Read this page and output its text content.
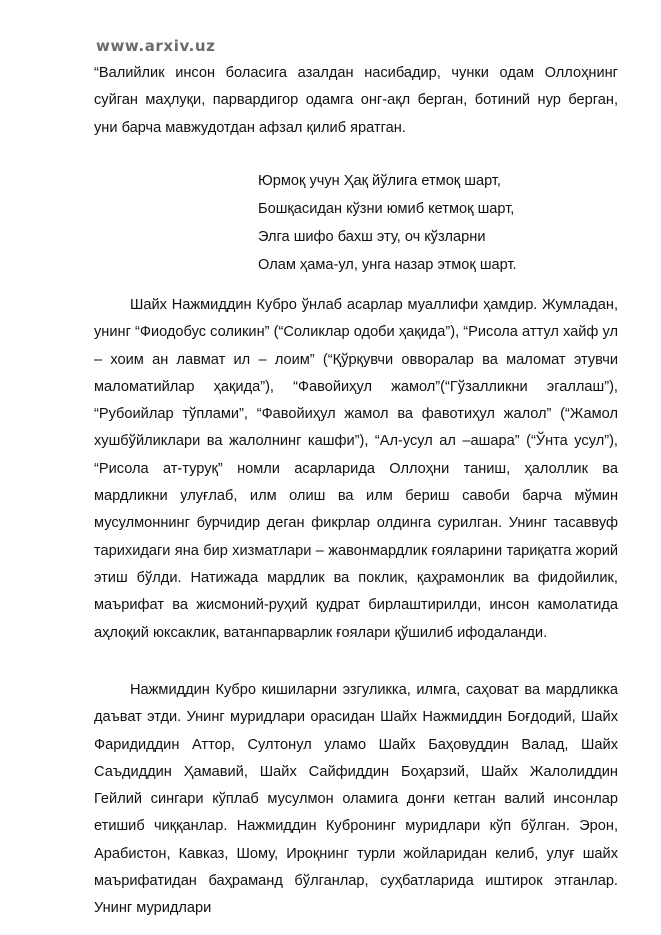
www.arxiv.uz

“Валийлик инсон боласига азалдан насибадир, чунки одам Оллоҳнинг суйган маҳлуқи, парвардигор одамга онг-ақл берган, ботиний нур берган, уни барча мавжудотдан афзал қилиб яратган.

Юрмоқ учун Ҳақ йўлига етмоқ шарт,
Бошқасидан кўзни юмиб кетмоқ шарт,
Элга шифо бахш эту, оч кўзларни
Олам ҳама-ул, унга назар этмоқ шарт.

Шайх Нажмиддин Кубро ўнлаб асарлар муаллифи ҳамдир. Жумладан, унинг “Фиодобус соликин” (“Соликлар одоби ҳақида”), “Рисола аттул хайф ул – хоим ан лавмат ил – лоим” (“Қўрқувчи овворалар ва маломат этувчи маломатийлар ҳақида”), “Фавойиҳул жамол”(“Гўзалликни эгаллаш”), “Рубоийлар тўплами”, “Фавойиҳул жамол ва фавотиҳул жалол” (“Жамол хушбўйликлари ва жалолнинг кашфи”), “Ал-усул ал –ашара” (“Ўнта усул”), “Рисола ат-туруқ” номли асарларида Оллоҳни таниш, ҳалоллик ва мардликни улуғлаб, илм олиш ва илм бериш савоби барча мўмин мусулмоннинг бурчидир деган фикрлар олдинга сурилган. Унинг тасаввуф тарихидаги яна бир хизматлари – жавонмардлик ғояларини тариқатга жорий этиш бўлди. Натижада мардлик ва поклик, қаҳрамонлик ва фидойилик, маърифат ва жисмоний-руҳий қудрат бирлаштирилди, инсон камолатида аҳлоқий юксаклик, ватанпарварлик ғоялари қўшилиб ифодаланди.

Нажмиддин Кубро кишиларни эзгуликка, илмга, саҳоват ва мардликка даъват этди. Унинг муридлари орасидан Шайх Нажмиддин Боғдодий, Шайх Фаридиддин Аттор, Султонул уламо Шайх Баҳовуддин Валад, Шайх Саъдиддин Ҳамавий, Шайх Сайфиддин Боҳарзий, Шайх Жалолиддин Гейлий сингари кўплаб мусулмон оламига донғи кетган валий инсонлар етишиб чиққанлар. Нажмиддин Кубронинг муридлари кўп бўлган. Эрон, Арабистон, Кавказ, Шому, Ироқнинг турли жойларидан келиб, улуғ шайх маърифатидан баҳраманд бўлганлар, суҳбатларида иштирок этганлар. Унинг муридлари
